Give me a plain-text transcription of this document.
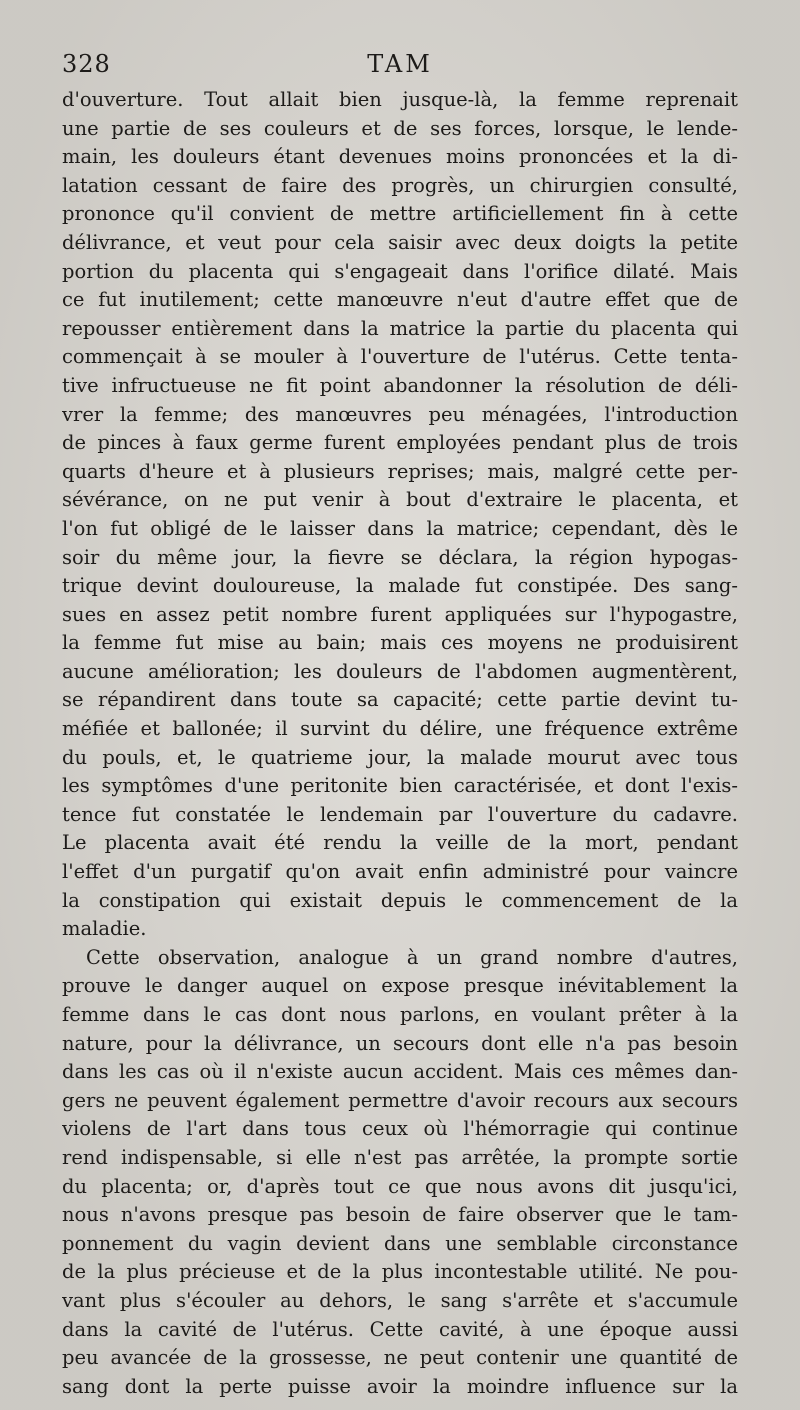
328	TAM
d'ouverture. Tout allait bien jusque-là, la femme reprenait
une partie de ses couleurs et de ses forces, lorsque, le lende-
main, les douleurs étant devenues moins prononcées et la di-
latation cessant de faire des progrès, un chirurgien consulté,
prononce qu'il convient de mettre artificiellement fin à cette
délivrance, et veut pour cela saisir avec deux doigts la petite
portion du placenta qui s'engageait dans l'orifice dilaté. Mais
ce fut inutilement; cette manœuvre n'eut d'autre effet que de
repousser entièrement dans la matrice la partie du placenta qui
commençait à se mouler à l'ouverture de l'utérus. Cette tenta-
tive infructueuse ne fit point abandonner la résolution de déli-
vrer la femme; des manœuvres peu ménagées, l'introduction
de pinces à faux germe furent employées pendant plus de trois
quarts d'heure et à plusieurs reprises; mais, malgré cette per-
sévérance, on ne put venir à bout d'extraire le placenta, et
l'on fut obligé de le laisser dans la matrice; cependant, dès le
soir du même jour, la fievre se déclara, la région hypogas-
trique devint douloureuse, la malade fut constipée. Des sang-
sues en assez petit nombre furent appliquées sur l'hypogastre,
la femme fut mise au bain; mais ces moyens ne produisirent
aucune amélioration; les douleurs de l'abdomen augmentèrent,
se répandirent dans toute sa capacité; cette partie devint tu-
méfiée et ballonée; il survint du délire, une fréquence extrême
du pouls, et, le quatrieme jour, la malade mourut avec tous
les symptômes d'une peritonite bien caractérisée, et dont l'exis-
tence fut constatée le lendemain par l'ouverture du cadavre.
Le placenta avait été rendu la veille de la mort, pendant
l'effet d'un purgatif qu'on avait enfin administré pour vaincre
la constipation qui existait depuis le commencement de la
maladie.
Cette observation, analogue à un grand nombre d'autres,
prouve le danger auquel on expose presque inévitablement la
femme dans le cas dont nous parlons, en voulant prêter à la
nature, pour la délivrance, un secours dont elle n'a pas besoin
dans les cas où il n'existe aucun accident. Mais ces mêmes dan-
gers ne peuvent également permettre d'avoir recours aux secours
violens de l'art dans tous ceux où l'hémorragie qui continue
rend indispensable, si elle n'est pas arrêtée, la prompte sortie
du placenta; or, d'après tout ce que nous avons dit jusqu'ici,
nous n'avons presque pas besoin de faire observer que le tam-
ponnement du vagin devient dans une semblable circonstance
de la plus précieuse et de la plus incontestable utilité. Ne pou-
vant plus s'écouler au dehors, le sang s'arrête et s'accumule
dans la cavité de l'utérus. Cette cavité, à une époque aussi
peu avancée de la grossesse, ne peut contenir une quantité de
sang dont la perte puisse avoir la moindre influence sur la
